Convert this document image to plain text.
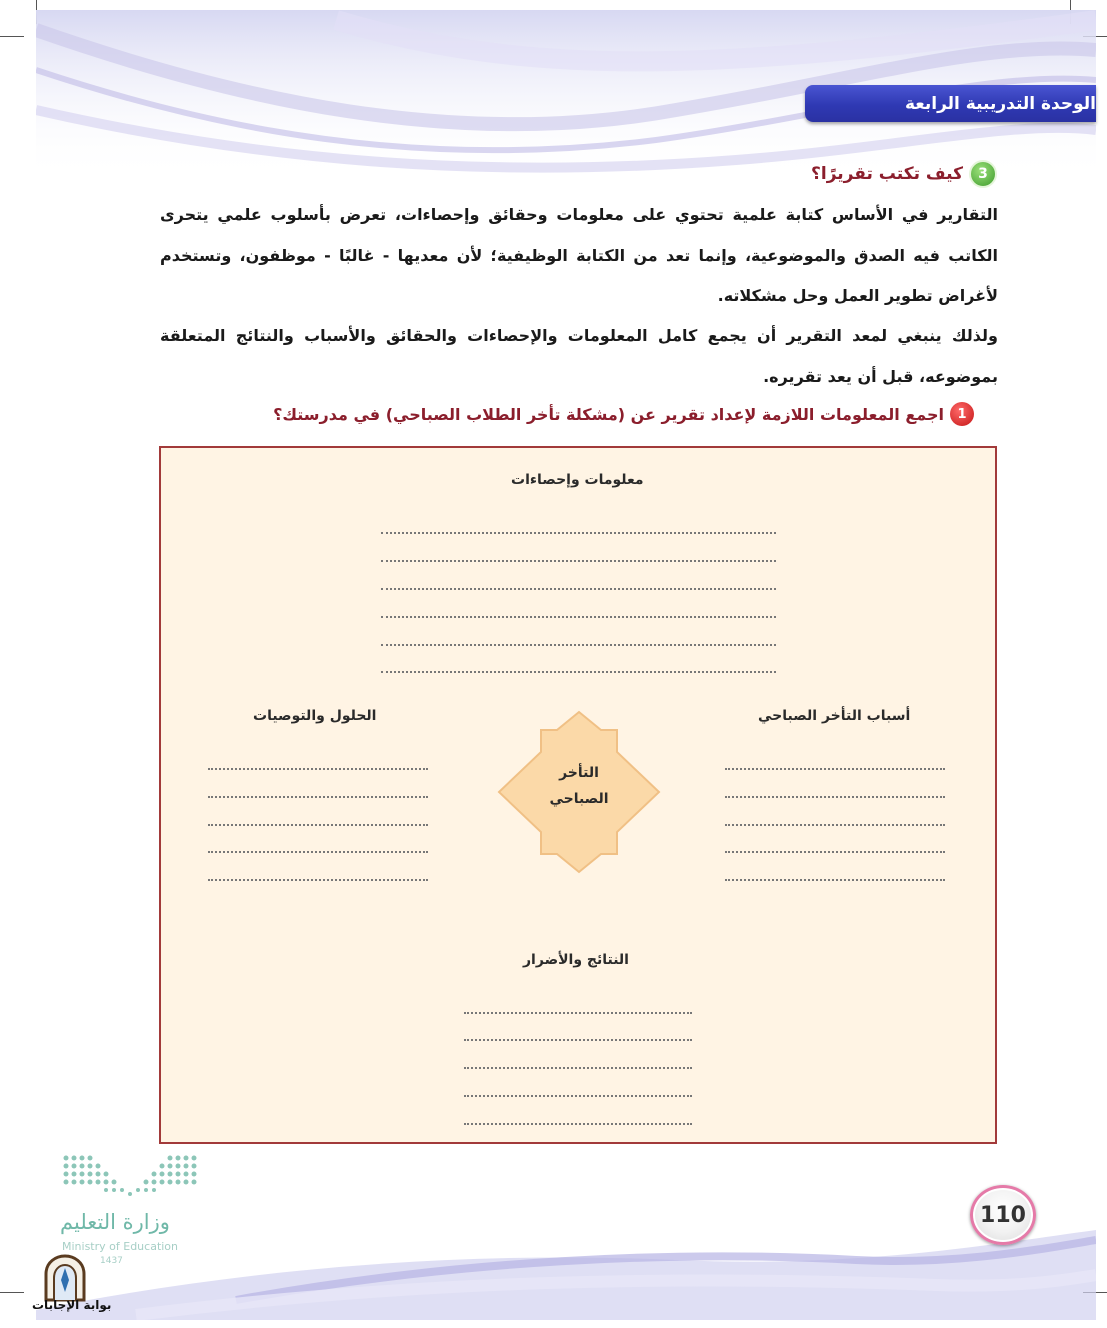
الوحدة التدريبية الرابعة
3
كيف تكتب تقريرًا؟
التقارير في الأساس كتابة علمية تحتوي على معلومات وحقائق وإحصاءات، تعرض بأسلوب علمي يتحرى الكاتب فيه الصدق والموضوعية، وإنما تعد من الكتابة الوظيفية؛ لأن معديها - غالبًا - موظفون، وتستخدم لأغراض تطوير العمل وحل مشكلاته.
ولذلك ينبغي لمعد التقرير أن يجمع كامل المعلومات والإحصاءات والحقائق والأسباب والنتائج المتعلقة بموضوعه، قبل أن يعد تقريره.
1
اجمع المعلومات اللازمة لإعداد تقرير عن (مشكلة تأخر الطلاب الصباحي) في مدرستك؟
معلومات وإحصاءات
أسباب التأخر الصباحي
الحلول والتوصيات
التأخر
الصباحي
النتائج والأضرار
110
وزارة التعليم
Ministry of Education
1437
بوابة الإجابات
